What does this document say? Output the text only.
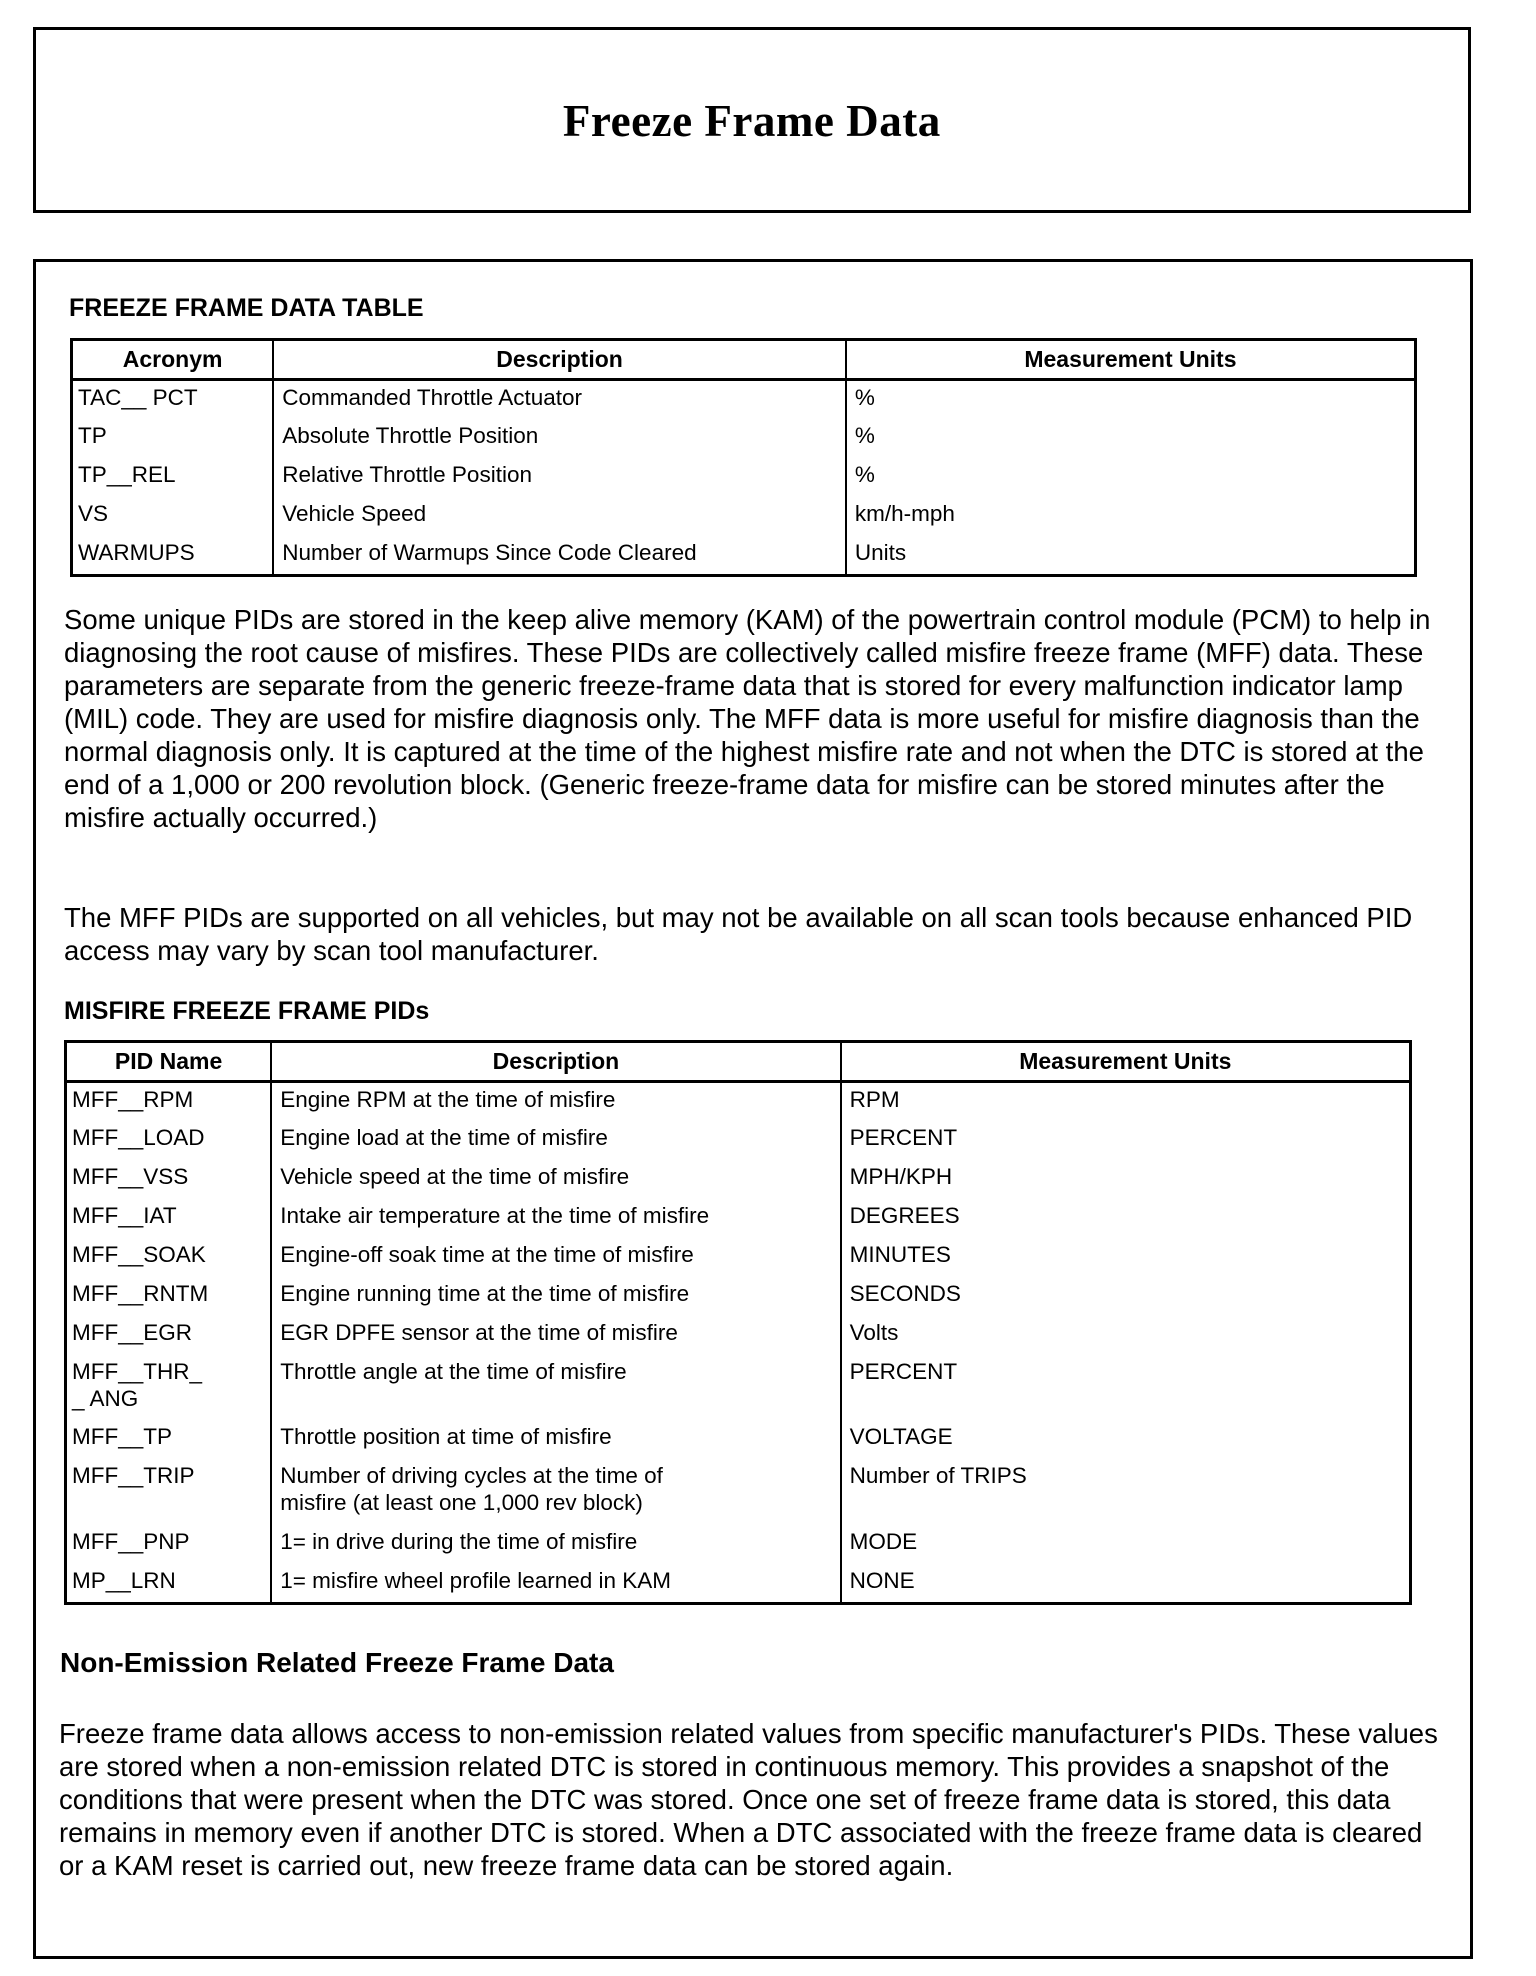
Freeze Frame Data
FREEZE FRAME DATA TABLE
Acronym	Description	Measurement Units
TAC__ PCT	Commanded Throttle Actuator	%
TP	Absolute Throttle Position	%
TP__REL	Relative Throttle Position	%
VS	Vehicle Speed	km/h-mph
WARMUPS	Number of Warmups Since Code Cleared	Units

Some unique PIDs are stored in the keep alive memory (KAM) of the powertrain control module (PCM) to help in diagnosing the root cause of misfires. These PIDs are collectively called misfire freeze frame (MFF) data. These parameters are separate from the generic freeze-frame data that is stored for every malfunction indicator lamp (MIL) code. They are used for misfire diagnosis only. The MFF data is more useful for misfire diagnosis than the normal diagnosis only. It is captured at the time of the highest misfire rate and not when the DTC is stored at the end of a 1,000 or 200 revolution block. (Generic freeze-frame data for misfire can be stored minutes after the misfire actually occurred.)

The MFF PIDs are supported on all vehicles, but may not be available on all scan tools because enhanced PID access may vary by scan tool manufacturer.

MISFIRE FREEZE FRAME PIDs
PID Name	Description	Measurement Units
MFF__RPM	Engine RPM at the time of misfire	RPM
MFF__LOAD	Engine load at the time of misfire	PERCENT
MFF__VSS	Vehicle speed at the time of misfire	MPH/KPH
MFF__IAT	Intake air temperature at the time of misfire	DEGREES
MFF__SOAK	Engine-off soak time at the time of misfire	MINUTES
MFF__RNTM	Engine running time at the time of misfire	SECONDS
MFF__EGR	EGR DPFE sensor at the time of misfire	Volts

MFF__THR__ ANG	Throttle angle at the time of misfire	PERCENT
MFF__TP	Throttle position at time of misfire	VOLTAGE
MFF__TRIP	Number of driving cycles at the time of misfire (at least one 1,000 rev block)	Number of TRIPS
MFF__PNP	1= in drive during the time of misfire	MODE
MP__LRN	1= misfire wheel profile learned in KAM	NONE
Non-Emission Related Freeze Frame Data

Freeze frame data allows access to non-emission related values from specific manufacturer's PIDs. These values are stored when a non-emission related DTC is stored in continuous memory. This provides a snapshot of the conditions that were present when the DTC was stored. Once one set of freeze frame data is stored, this data remains in memory even if another DTC is stored. When a DTC associated with the freeze frame data is cleared or a KAM reset is carried out, new freeze frame data can be stored again.
